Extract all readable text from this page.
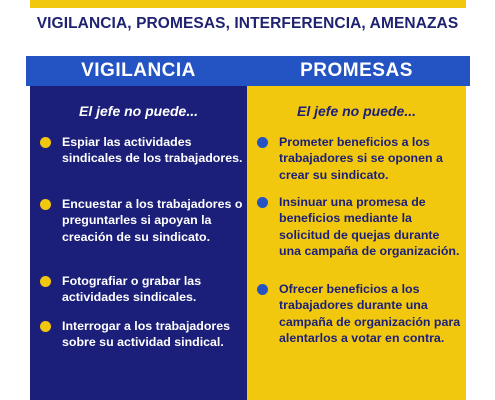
VIGILANCIA, PROMESAS, INTERFERENCIA, AMENAZAS
VIGILANCIA	PROMESAS
El jefe no puede...	El jefe no puede...
Espiar las actividades sindicales de los trabajadores.
Encuestar a los trabajadores o preguntarles si apoyan la creación de su sindicato.
Fotografiar o grabar las actividades sindicales.
Interrogar a los trabajadores sobre su actividad sindical.
Prometer beneficios a los trabajadores si se oponen a crear su sindicato.
Insinuar una promesa de beneficios mediante la solicitud de quejas durante una campaña de organización.
Ofrecer beneficios a los trabajadores durante una campaña de organización para alentarlos a votar en contra.
